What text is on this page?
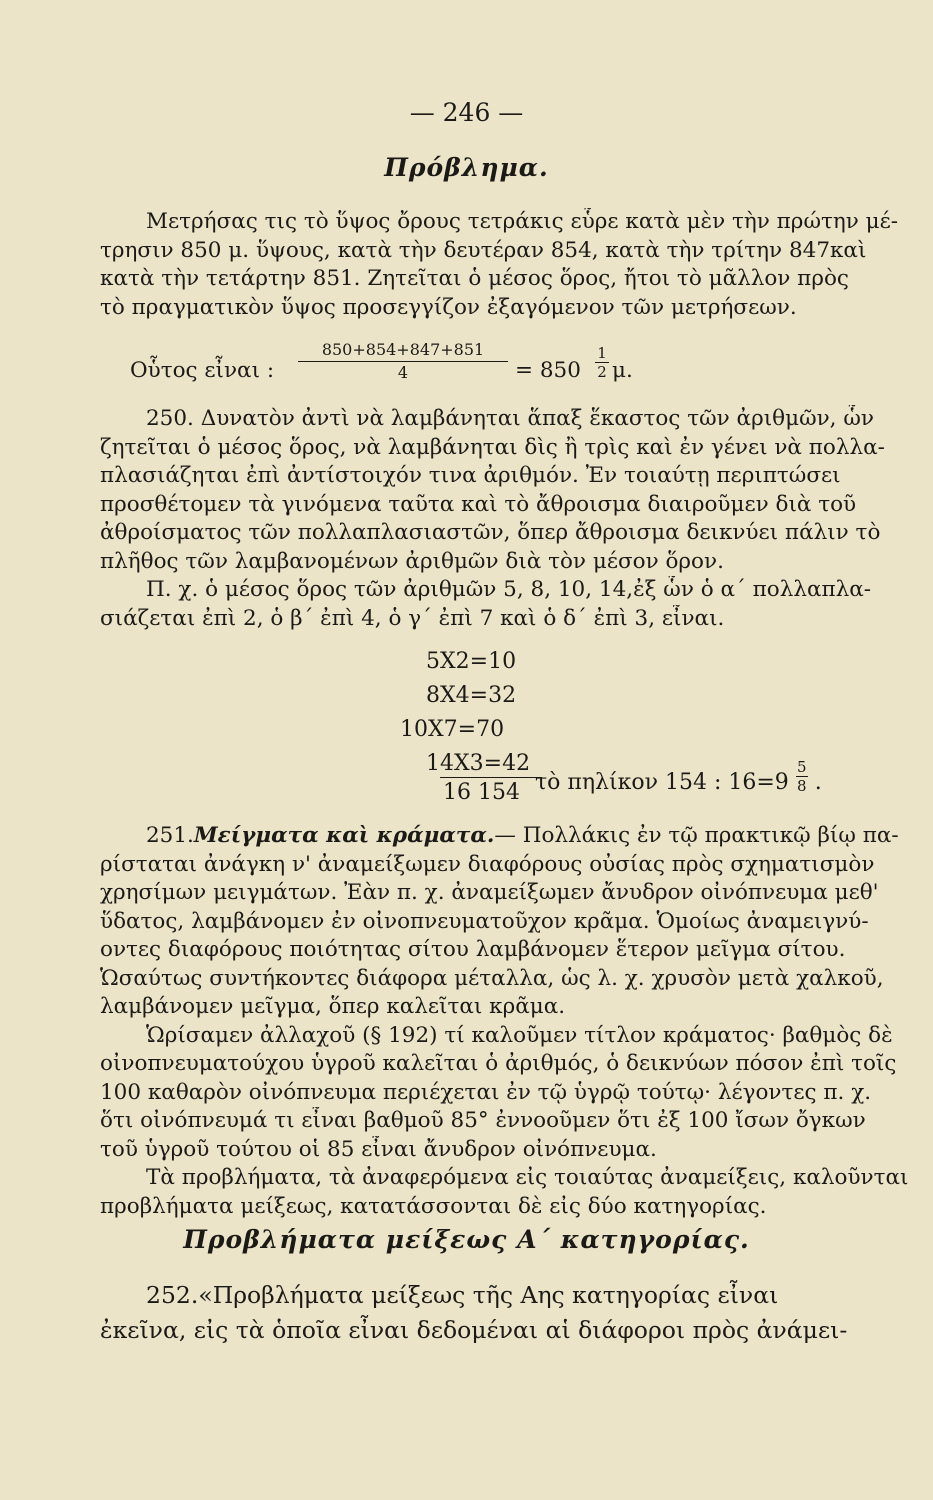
— 246 —
Πρόβλημα.
Μετρήσας τις τὸ ὕψος ὄρους τετράκις εὗρε κατὰ μὲν τὴν πρώτην μέ-
τρησιν 850 μ. ὕψους, κατὰ τὴν δευτέραν 854, κατὰ τὴν τρίτην 847καὶ
κατὰ τὴν τετάρτην 851. Ζητεῖται ὁ μέσος ὅρος, ἤτοι τὸ μᾶλλον πρὸς
τὸ πραγματικὸν ὕψος προσεγγίζον ἐξαγόμενον τῶν μετρήσεων.
Οὗτος εἶναι : $\frac{850+854+847+851}{4} = 850 \frac{1}{2} \mu$.
250. Δυνατὸν ἀντὶ νὰ λαμβάνηται ἅπαξ ἕκαστος τῶν ἀριθμῶν, ὧν
ζητεῖται ὁ μέσος ὅρος, νὰ λαμβάνηται δὶς ἢ τρὶς καὶ ἐν γένει νὰ πολλα-
πλασιάζηται ἐπὶ ἀντίστοιχόν τινα ἀριθμόν. Ἐν τοιαύτῃ περιπτώσει
προσθέτομεν τὰ γινόμενα ταῦτα καὶ τὸ ἄθροισμα διαιροῦμεν διὰ τοῦ
ἀθροίσματος τῶν πολλαπλασιαστῶν, ὅπερ ἄθροισμα δεικνύει πάλιν τὸ
πλῆθος τῶν λαμβανομένων ἀριθμῶν διὰ τὸν μέσον ὅρον.
Π. χ. ὁ μέσος ὅρος τῶν ἀριθμῶν 5, 8, 10, 14,ἐξ ὧν ὁ α΄ πολλαπλα-
σιάζεται ἐπὶ 2, ὁ β΄ ἐπὶ 4, ὁ γ΄ ἐπὶ 7 καὶ ὁ δ΄ ἐπὶ 3, εἶναι.
5X2=10
8X4=32
10X7=70
14X3=42
16 154 τὸ πηλίκον 154 : $16=9 \frac{5}{8}$ .
251.Μείγματα καὶ κράματα.— Πολλάκις ἐν τῷ πρακτικῷ βίῳ πα-
ρίσταται ἀνάγκη ν' ἀναμείξωμεν διαφόρους οὐσίας πρὸς σχηματισμὸν
χρησίμων μειγμάτων. Ἐὰν π. χ. ἀναμείξωμεν ἄνυδρον οἰνόπνευμα μεθ'
ὕδατος, λαμβάνομεν ἐν οἰνοπνευματοῦχον κρᾶμα. Ὁμοίως ἀναμειγνύ-
οντες διαφόρους ποιότητας σίτου λαμβάνομεν ἕτερον μεῖγμα σίτου.
Ὡσαύτως συντήκοντες διάφορα μέταλλα, ὡς λ. χ. χρυσὸν μετὰ χαλκοῦ,
λαμβάνομεν μεῖγμα, ὅπερ καλεῖται κρᾶμα.
Ὡρίσαμεν ἀλλαχοῦ (§ 192) τί καλοῦμεν τίτλον κράματος· βαθμὸς δὲ
οἰνοπνευματούχου ὑγροῦ καλεῖται ὁ ἀριθμός, ὁ δεικνύων πόσον ἐπὶ τοῖς
100 καθαρὸν οἰνόπνευμα περιέχεται ἐν τῷ ὑγρῷ τούτῳ· λέγοντες π. χ.
ὅτι οἰνόπνευμά τι εἶναι βαθμοῦ 85° ἐννοοῦμεν ὅτι ἐξ 100 ἴσων ὄγκων
τοῦ ὑγροῦ τούτου οἱ 85 εἶναι ἄνυδρον οἰνόπνευμα.
Τὰ προβλήματα, τὰ ἀναφερόμενα εἰς τοιαύτας ἀναμείξεις, καλοῦνται
προβλήματα μείξεως, κατατάσσονται δὲ εἰς δύο κατηγορίας.
Προβλήματα μείξεως Α΄ κατηγορίας.
252.«Προβλήματα μείξεως τῆς Αης κατηγορίας εἶναι
ἐκεῖνα, εἰς τὰ ὁποῖα εἶναι δεδομέναι αἱ διάφοροι πρὸς ἀνάμει-
